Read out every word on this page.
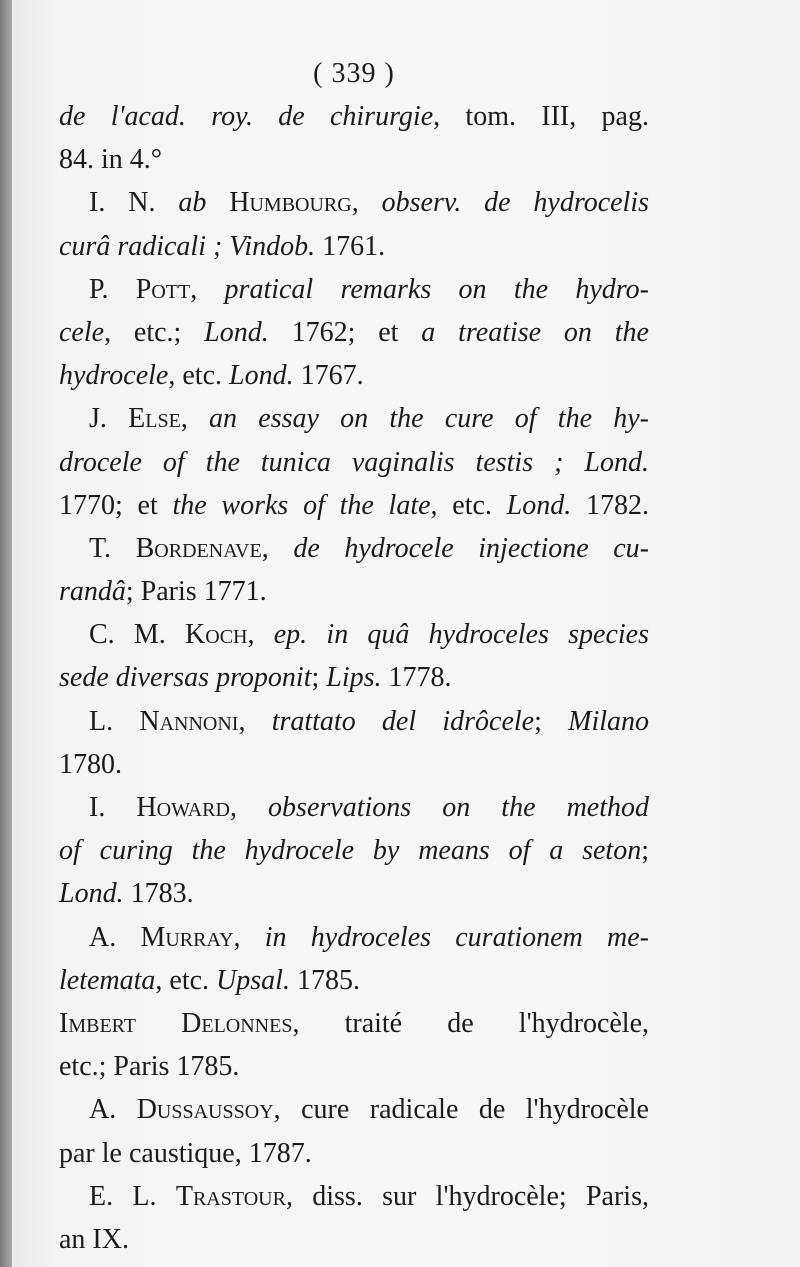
( 339 )
de l'acad. roy. de chirurgie, tom. III, pag.
84. in 4.°
I. N. ab Humbourg, observ. de hydrocelis
curâ radicali ; Vindob. 1761.
P. Pott, pratical remarks on the hydro-
cele, etc.; Lond. 1762; et a treatise on the
hydrocele, etc. Lond. 1767.
J. Else, an essay on the cure of the hy-
drocele of the tunica vaginalis testis ; Lond.
1770; et the works of the late, etc. Lond. 1782.
T. Bordenave, de hydrocele injectione cu-
randâ; Paris 1771.
C. M. Koch, ep. in quâ hydroceles species
sede diversas proponit; Lips. 1778.
L. Nannoni, trattato del idrôcele; Milano
1780.
I. Howard, observations on the method
of curing the hydrocele by means of a seton;
Lond. 1783.
A. Murray, in hydroceles curationem me-
letemata, etc. Upsal. 1785.
Imbert Delonnes, traité de l'hydrocèle,
etc.; Paris 1785.
A. Dussaussoy, cure radicale de l'hydrocèle
par le caustique, 1787.
E. L. Trastour, diss. sur l'hydrocèle; Paris,
an IX.
